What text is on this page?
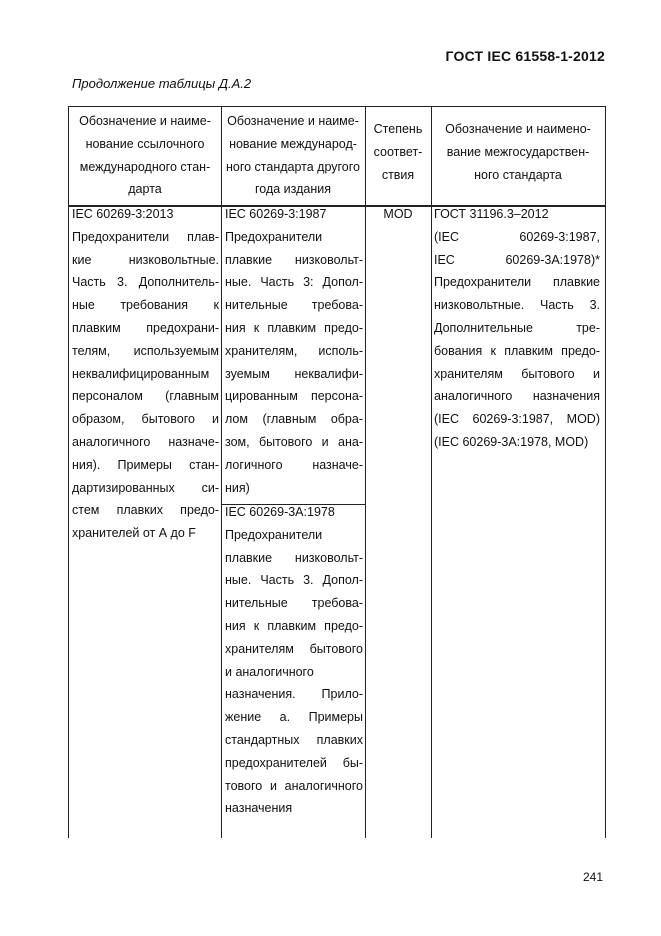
ГОСТ IEC 61558-1-2012
Продолжение таблицы Д.А.2
Обозначение и наиме-
нование ссылочного
международного стан-
дарта
Обозначение и наиме-
нование международ-
ного стандарта другого
года издания
Степень
соответ-
ствия
Обозначение и наимено-
вание межгосударствен-
ного стандарта
IEC 60269-3:2013
Предохранители плав-
кие низковольтные.
Часть 3. Дополнитель-
ные требования к
плавким предохрани-
телям, используемым
неквалифицированным
персоналом (главным
образом, бытового и
аналогичного назначе-
ния). Примеры стан-
дартизированных си-
стем плавких предо-
хранителей от А до F
IEC 60269-3:1987
Предохранители
плавкие низковольт-
ные. Часть 3: Допол-
нительные требова-
ния к плавким предо-
хранителям, исполь-
зуемым неквалифи-
цированным персона-
лом (главным обра-
зом, бытового и ана-
логичного назначе-
ния)
IEC 60269-3A:1978
Предохранители
плавкие низковольт-
ные. Часть 3. Допол-
нительные требова-
ния к плавким предо-
хранителям бытового
и аналогичного
назначения. Прило-
жение а. Примеры
стандартных плавких
предохранителей бы-
тового и аналогичного
назначения
MOD	ГОСТ 31196.3–2012
(IEC 60269-3:1987,
IEC 60269-3A:1978)*
Предохранители плавкие
низковольтные. Часть 3.
Дополнительные тре-
бования к плавким предо-
хранителям бытового и
аналогичного назначения
(IEC 60269-3:1987, MOD)
(IEC 60269-3A:1978, MOD)
241
